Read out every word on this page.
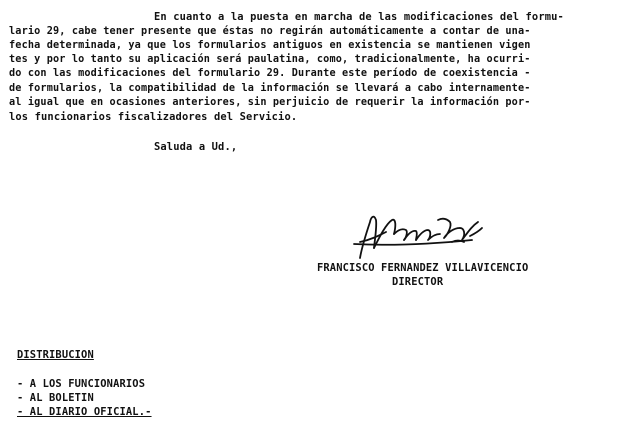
En cuanto a la puesta en marcha de las modificaciones del formu-
lario 29, cabe tener presente que éstas no regirán automáticamente a contar de una-
fecha determinada, ya que los formularios antiguos en existencia se mantienen vigen
tes y por lo tanto su aplicación será paulatina, como, tradicionalmente, ha ocurri-
do con las modificaciones del formulario 29. Durante este período de coexistencia -
de formularios, la compatibilidad de la información se llevará a cabo internamente-
al igual que en ocasiones anteriores, sin perjuicio de requerir la información por-
los funcionarios fiscalizadores del Servicio.
Saluda a Ud.,
FRANCISCO FERNANDEZ VILLAVICENCIO
DIRECTOR
DISTRIBUCION
- A LOS FUNCIONARIOS
- AL BOLETIN
- AL DIARIO OFICIAL.-
